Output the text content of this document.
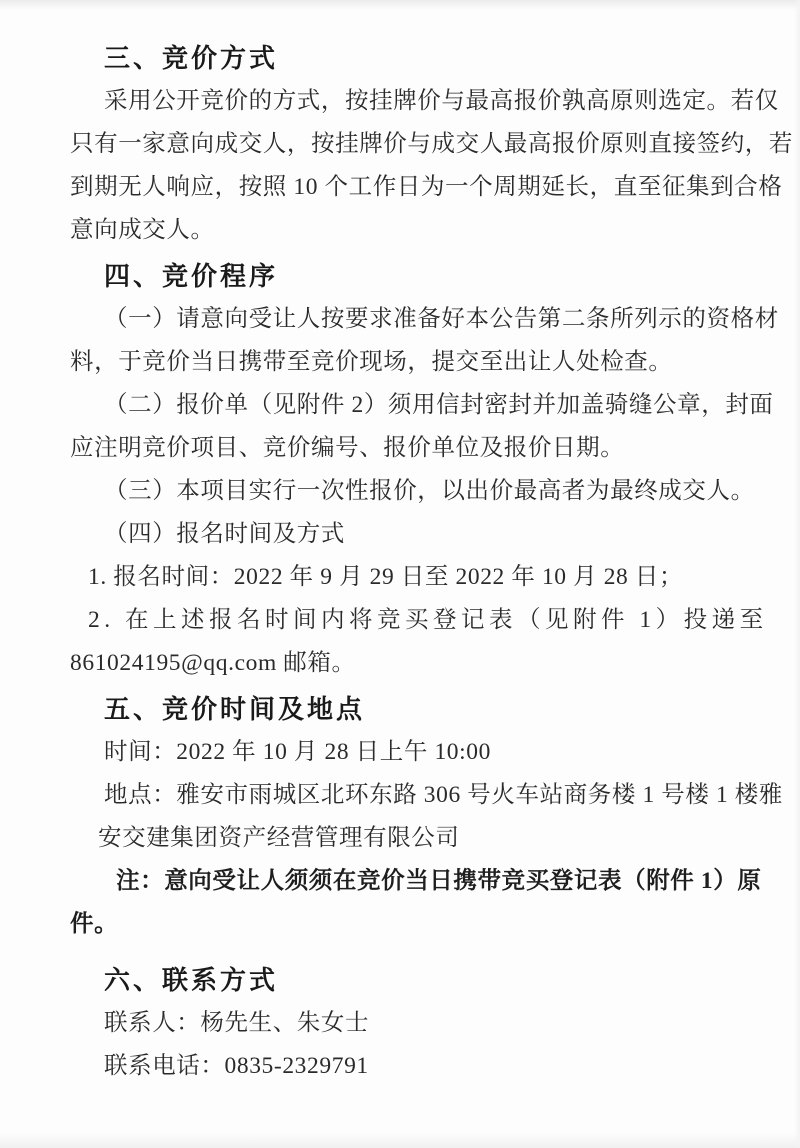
三、竞价方式
采用公开竞价的方式，按挂牌价与最高报价孰高原则选定。若仅
只有一家意向成交人，按挂牌价与成交人最高报价原则直接签约，若
到期无人响应，按照 10 个工作日为一个周期延长，直至征集到合格
意向成交人。
四、竞价程序
（一）请意向受让人按要求准备好本公告第二条所列示的资格材
料，于竞价当日携带至竞价现场，提交至出让人处检查。
（二）报价单（见附件 2）须用信封密封并加盖骑缝公章，封面
应注明竞价项目、竞价编号、报价单位及报价日期。
（三）本项目实行一次性报价，以出价最高者为最终成交人。
（四）报名时间及方式
1. 报名时间：2022 年 9 月 29 日至 2022 年 10 月 28 日；
2. 在上述报名时间内将竞买登记表（见附件 1）投递至
861024195@qq.com 邮箱。
五、竞价时间及地点
时间：2022 年 10 月 28 日上午 10:00
地点：雅安市雨城区北环东路 306 号火车站商务楼 1 号楼 1 楼雅
安交建集团资产经营管理有限公司
注：意向受让人须须在竞价当日携带竞买登记表（附件 1）原
件。
六、联系方式
联系人：杨先生、朱女士
联系电话：0835-2329791
